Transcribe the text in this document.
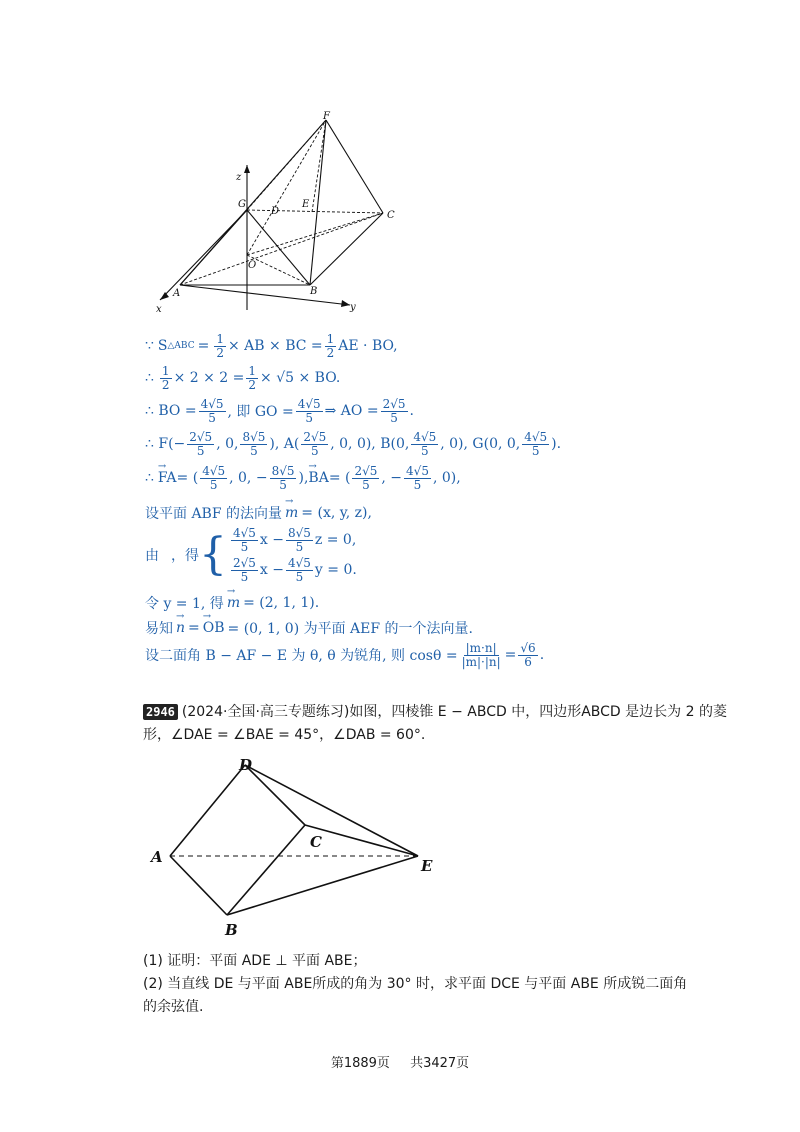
F
z
G
D
E
C
O
A	B
x	y
∵ S △ABC = $\frac{1}{2}$ × AB × BC = $\frac{1}{2}$ AE · BO,
∴ $\frac{1}{2} \times 2 \times 2 = \frac{1}{2} \times √5$ × BO.
∴ BO = $\frac{4√5}{5}$ , 即 GO = $\frac{4√5}{5}$ ⇒ AO = $\frac{2√5}{5}$ .
∴ $F(- \frac{2√5}{5}$ , 0, $\frac{8√5}{5}$ ), $A( \frac{2√5}{5}$ , 0, 0), B(0, $\frac{4√5}{5}$ , 0), G(0, 0, $\frac{4√5}{5}$ ).
∴ → FA = ( $\frac{4√5}{5}$ , 0, − $\frac{8√5}{5}$ ), → BA = ( $\frac{2√5}{5}$ , − $\frac{4√5}{5}$ , 0),
设平面 ABF 的法向量 → m = (x, y, z),
由 ，得 { $\frac{4√5}{5}$ $x - \frac{8√5}{5}$ z = 0,
$\frac{2√5}{5}$ $x - \frac{4√5}{5}$ y = 0.
令 y = 1, 得 → m = (2, 1, 1).
易知 → n = → OB = (0, 1, 0) 为平面 AEF 的一个法向量.
设二面角 B − AF − E 为 θ, θ 为锐角, 则 $\cos\theta = \frac{|m\cdot n|}{|m|\cdot|n|} = \frac{√6}{6}$ .
2946 (2024·全国·高三专题练习)如图，四棱锥 E − ABCD 中，四边形ABCD 是边长为 2 的菱
形，∠DAE = ∠BAE = 45°，∠DAB = 60°.
D
C
A	E
B
(1) 证明：平面 ADE ⊥ 平面 ABE；
(2) 当直线 DE 与平面 ABE所成的角为 30° 时，求平面 DCE 与平面 ABE 所成锐二面角
的余弦值.
第1889页 共3427页
